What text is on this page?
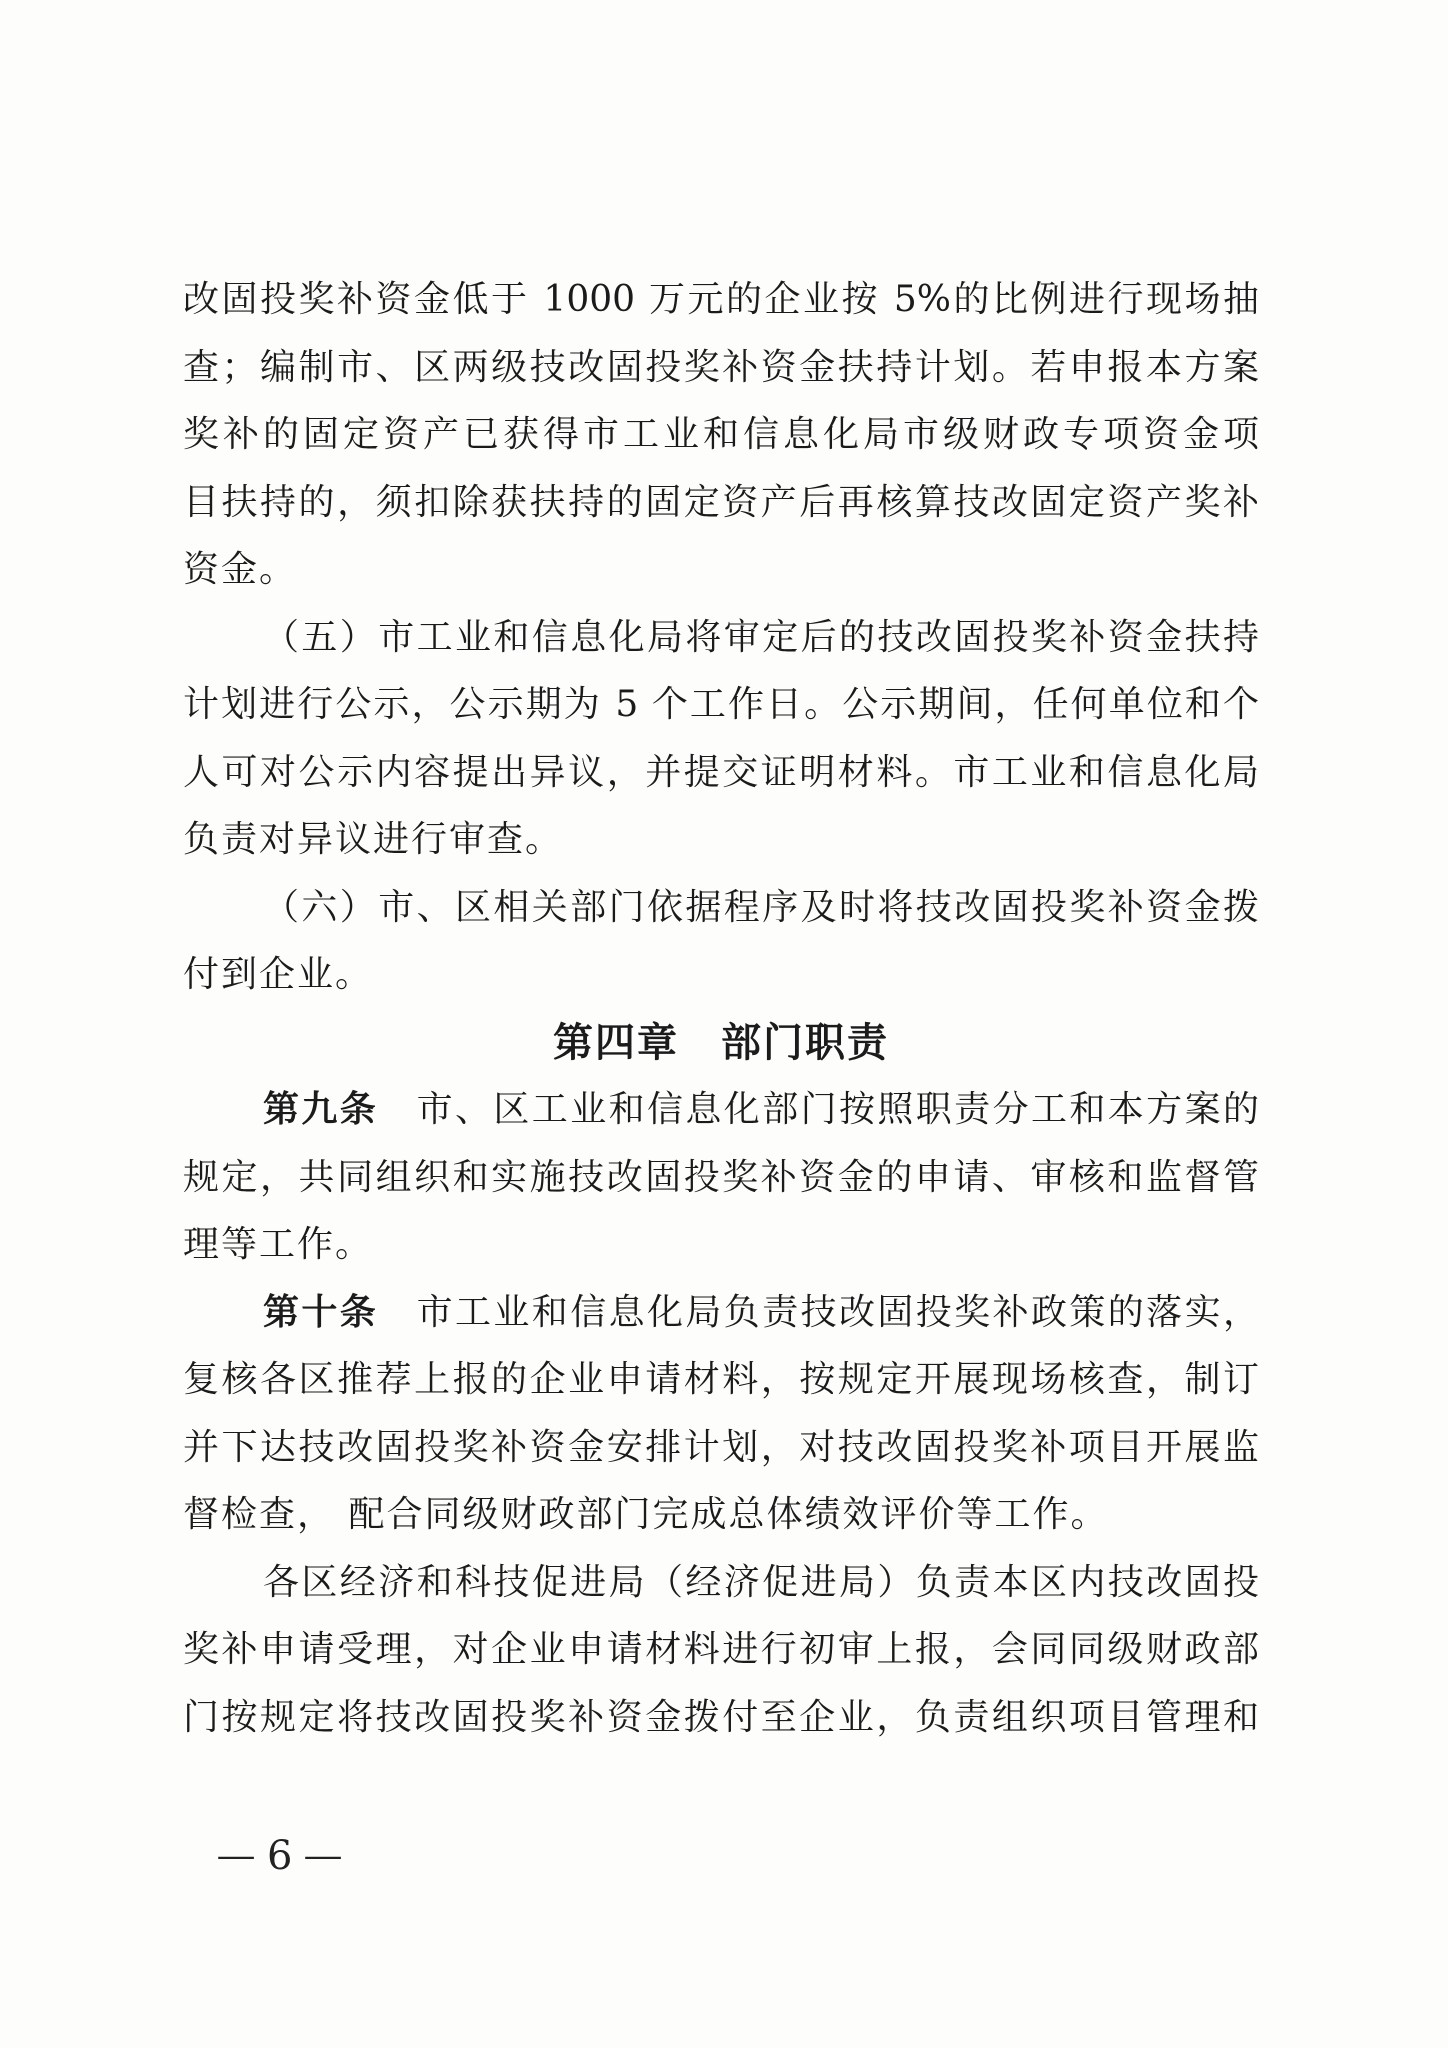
改固投奖补资金低于 1000 万元的企业按 5%的比例进行现场抽
查；编制市、区两级技改固投奖补资金扶持计划。若申报本方案
奖补的固定资产已获得市工业和信息化局市级财政专项资金项
目扶持的，须扣除获扶持的固定资产后再核算技改固定资产奖补
资金。
（五）市工业和信息化局将审定后的技改固投奖补资金扶持
计划进行公示，公示期为 5 个工作日。公示期间，任何单位和个
人可对公示内容提出异议，并提交证明材料。市工业和信息化局
负责对异议进行审查。
（六）市、区相关部门依据程序及时将技改固投奖补资金拨
付到企业。
第四章　部门职责
第九条　市、区工业和信息化部门按照职责分工和本方案的
规定，共同组织和实施技改固投奖补资金的申请、审核和监督管
理等工作。
第十条　市工业和信息化局负责技改固投奖补政策的落实，
复核各区推荐上报的企业申请材料，按规定开展现场核查，制订
并下达技改固投奖补资金安排计划，对技改固投奖补项目开展监
督检查， 配合同级财政部门完成总体绩效评价等工作。
各区经济和科技促进局（经济促进局）负责本区内技改固投
奖补申请受理，对企业申请材料进行初审上报，会同同级财政部
门按规定将技改固投奖补资金拨付至企业，负责组织项目管理和
— 6 —
